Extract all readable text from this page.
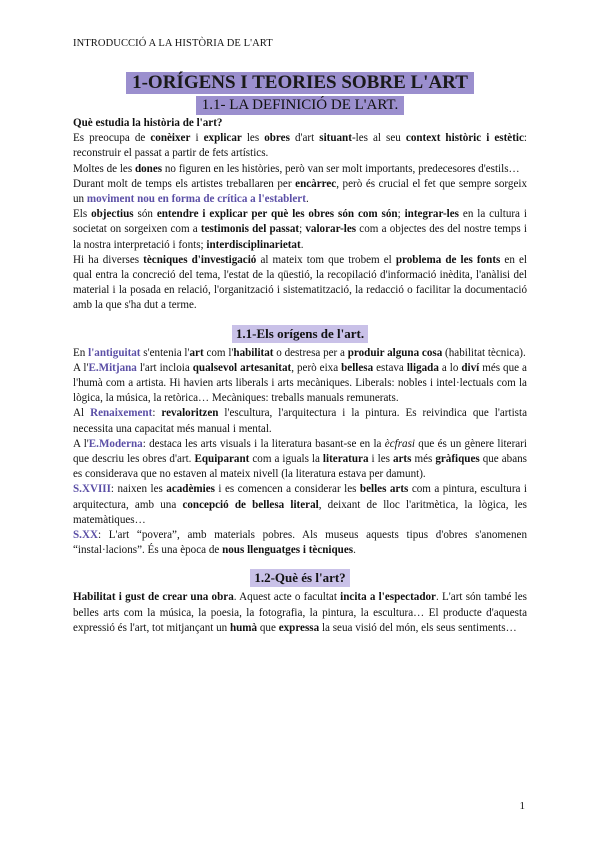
INTRODUCCIÓ A LA HISTÒRIA DE L'ART
1-ORÍGENS I TEORIES SOBRE L'ART
1.1- LA DEFINICIÓ DE L'ART.

Què estudia la història de l'art?

Es preocupa de conèixer i explicar les obres d'art situant-les al seu context històric i estètic: reconstruir el passat a partir de fets artístics.

Moltes de les dones no figuren en les històries, però van ser molt importants, predecesores d'estils…

Durant molt de temps els artistes treballaren per encàrrec, però és crucial el fet que sempre sorgeix un moviment nou en forma de crítica a l'establert.

Els objectius són entendre i explicar per què les obres són com són; integrar-les en la cultura i societat on sorgeixen com a testimonis del passat; valorar-les com a objectes des del nostre temps i la nostra interpretació i fonts; interdisciplinarietat.

Hi ha diverses tècniques d'investigació al mateix tom que trobem el problema de les fonts en el qual entra la concreció del tema, l'estat de la qüestió, la recopilació d'informació inèdita, l'anàlisi del material i la posada en relació, l'organització i sistematització, la redacció o facilitar la documentació amb la que s'ha dut a terme.

1.1-Els orígens de l'art.

En l'antiguitat s'entenia l'art com l'habilitat o destresa per a produir alguna cosa (habilitat tècnica).

A l'E.Mitjana l'art incloia qualsevol artesanitat, però eixa bellesa estava lligada a lo diví més que a l'humà com a artista. Hi havien arts liberals i arts mecàniques. Liberals: nobles i intel·lectuals com la lògica, la música, la retòrica… Mecàniques: treballs manuals remunerats.

Al Renaixement: revaloritzen l'escultura, l'arquitectura i la pintura. Es reivindica que l'artista necessita una capacitat més manual i mental.

A l'E.Moderna: destaca les arts visuals i la literatura basant-se en la ècfrasi que és un gènere literari que descriu les obres d'art. Equiparant com a iguals la literatura i les arts més gràfiques que abans es considerava que no estaven al mateix nivell (la literatura estava per damunt).

S.XVIII: naixen les acadèmies i es comencen a considerar les belles arts com a pintura, escultura i arquitectura, amb una concepció de bellesa literal, deixant de lloc l'aritmètica, la lògica, les matemàtiques…

S.XX: L'art “povera”, amb materials pobres. Als museus aquests tipus d'obres s'anomenen “instal·lacions”. És una època de nous llenguatges i tècniques.

1.2-Què és l'art?

Habilitat i gust de crear una obra. Aquest acte o facultat incita a l'espectador. L'art són també les belles arts com la música, la poesia, la fotografia, la pintura, la escultura… El producte d'aquesta expressió és l'art, tot mitjançant un humà que expressa la seua visió del món, els seus sentiments…

1
